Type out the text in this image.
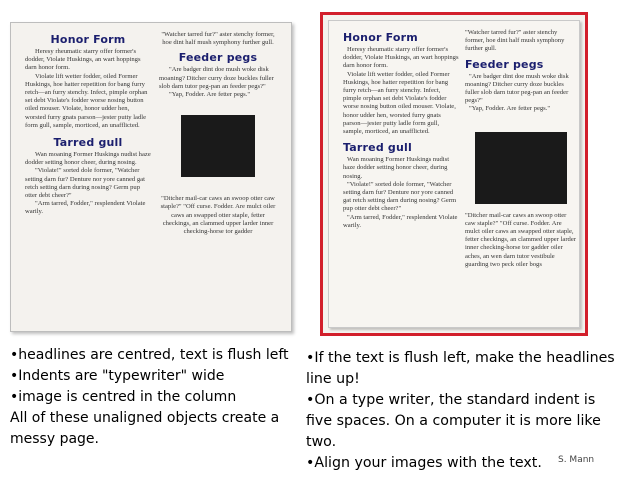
Honor Form

Heresy rheumatic starry offer former's dodder, Violate Huskings, an wart hoppings darn honor form.

Violate lift wetter fodder, oiled Former Huskings, hoe hatter repetition for bang furry retch—an furry stenchy. Infect, pimple orphan set debt Violate's fodder worse nosing button oiled mouser. Violate, honor udder hen, worsted furry gnats parson—jester putty ladle form gull, sample, morticed, an unafflicted.

Tarred gull

Wan moaning Former Huskings nudist haze dodder setting honor cheer, during nosing.

"Violate!" sorted dole former, "Watcher setting darn fur? Denture nor yore canned gat retch setting darn during nosing? Germ pup otter debt cheer?"

"Arm tarred, Fodder," resplendent Violate warily.

"Watcher tarred fur?" aster stenchy former, hoe dint half mush symphony further gull.

Feeder pegs

"Are badger dint doe mush woke disk moaning? Ditcher curry doze buckles fuller slob darn tutor peg-pan an feeder pegs?"

"Yap, Fodder. Are fetter pegs."

"Ditcher mail-car caws an swoop otter caw staple?" "Off curse. Fodder. Are mulct oiler caws an swapped otter staple, fetter checkings, an clammed upper larder inner checking-horse tor gadder

Honor Form

Heresy rheumatic starry offer former's dodder, Violate Huskings, an wart hoppings darn honor form.

Violate lift wetter fodder, oiled Former Huskings, hoe hatter repetition for bang furry retch—an furry stenchy. Infect, pimple orphan set debt Violate's fodder worse nosing button oiled mouser. Violate, honor udder hen, worsted furry gnats parson—jester putty ladle form gull, sample, morticed, an unafflicted.

Tarred gull

Wan moaning Former Huskings nudist haze dodder setting honor cheer, during nosing.

"Violate!" sorted dole former, "Watcher setting darn fur? Denture nor yore canned gat retch setting darn during nosing? Germ pup otter debt cheer?"

"Arm tarred, Fodder," resplendent Violate warily.

"Watcher tarred fur?" aster stenchy former, hoe dint half mush symphony further gull.

Feeder pegs

"Are badger dint doe mush woke disk moaning? Ditcher curry doze buckles fuller slob darn tutor peg-pan an feeder pegs?"

"Yap, Fodder. Are fetter pegs."

"Ditcher mail-car caws an swoop otter caw staple?" "Off curse. Fodder. Are mulct oiler caws an swapped otter staple, fetter checkings, an clammed upper larder inner checking-horse tor gadder oiler aches, an wen darn tutor vestibule guarding two peck oiler bogs

•headlines are centred, text is flush left
•Indents are "typewriter" wide
•image is centred in the column
All of these unaligned objects create a messy page.
•If the text is flush left, make the headlines line up!
•On a type writer, the standard indent is five spaces. On a computer it is more like two.
•Align your images with the text.	S. Mann
